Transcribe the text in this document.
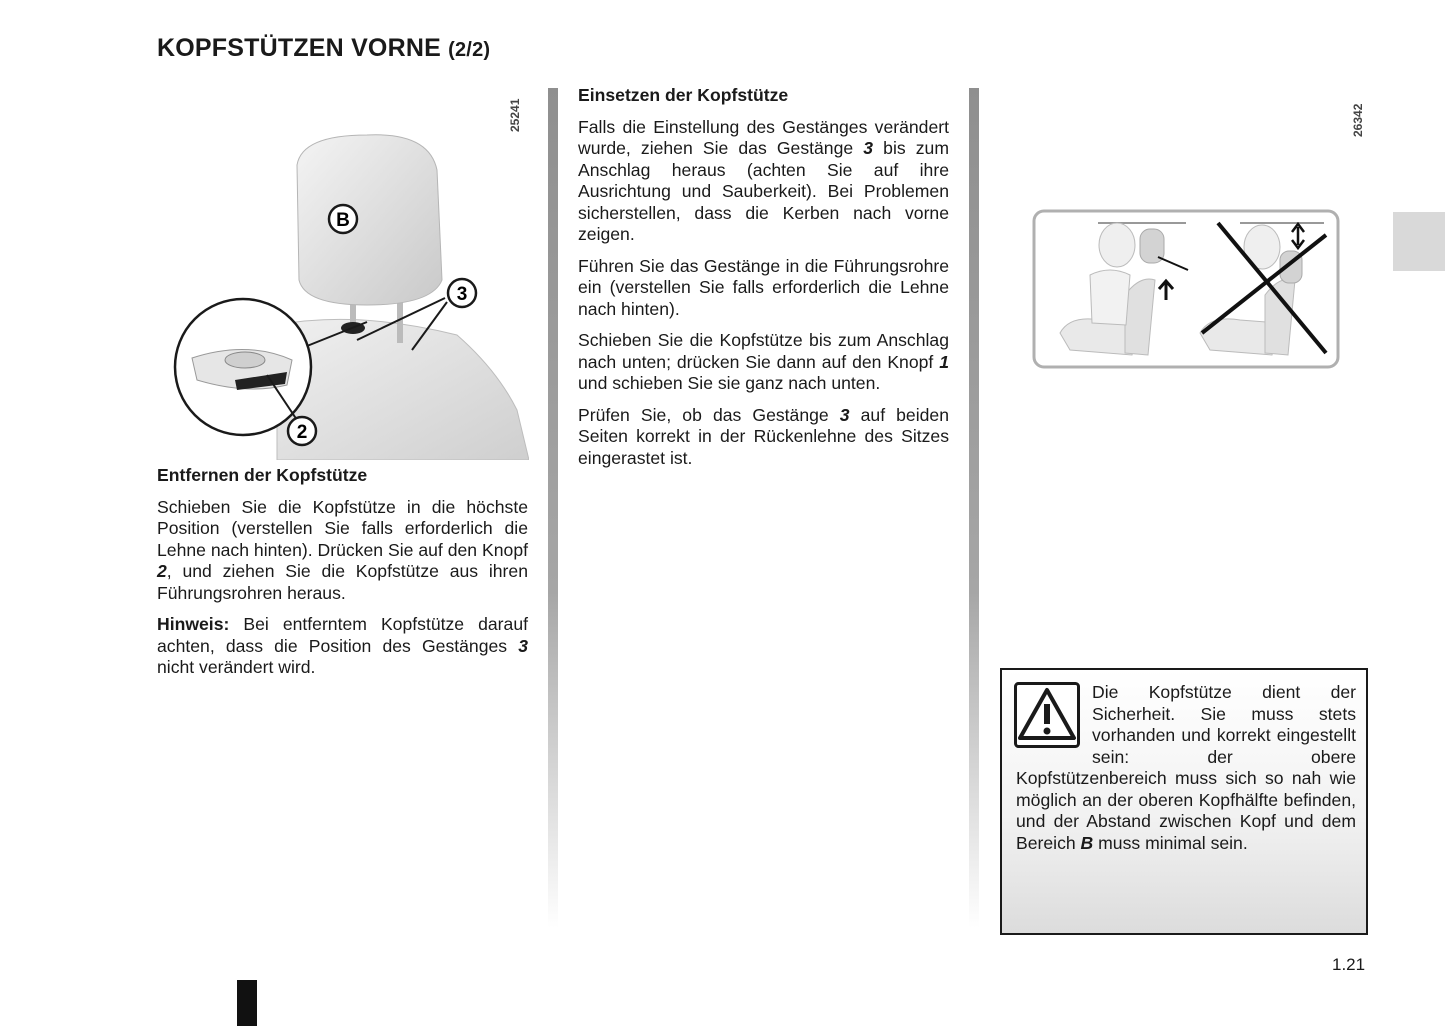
KOPFSTÜTZEN VORNE (2/2)
25241
B
3
2
Entfernen der Kopfstütze

Schieben Sie die Kopfstütze in die höchste Position (verstellen Sie falls erforderlich die Lehne nach hinten). Drücken Sie auf den Knopf 2, und ziehen Sie die Kopfstütze aus ihren Führungsrohren heraus.

Hinweis: Bei entferntem Kopfstütze darauf achten, dass die Position des Gestänges 3 nicht verändert wird.

Einsetzen der Kopfstütze

Falls die Einstellung des Gestänges verändert wurde, ziehen Sie das Gestänge 3 bis zum Anschlag heraus (achten Sie auf ihre Ausrichtung und Sauberkeit). Bei Problemen sicherstellen, dass die Kerben nach vorne zeigen.

Führen Sie das Gestänge in die Führungsrohre ein (verstellen Sie falls erforderlich die Lehne nach hinten).

Schieben Sie die Kopfstütze bis zum Anschlag nach unten; drücken Sie dann auf den Knopf 1 und schieben Sie sie ganz nach unten.

Prüfen Sie, ob das Gestänge 3 auf beiden Seiten korrekt in der Rückenlehne des Sitzes eingerastet ist.

26342

Die Kopfstütze dient der Sicherheit. Sie muss stets vorhanden und korrekt eingestellt sein: der obere Kopfstützenbereich muss sich so nah wie möglich an der oberen Kopfhälfte befinden, und der Abstand zwischen Kopf und dem Bereich B muss minimal sein.

1.21
